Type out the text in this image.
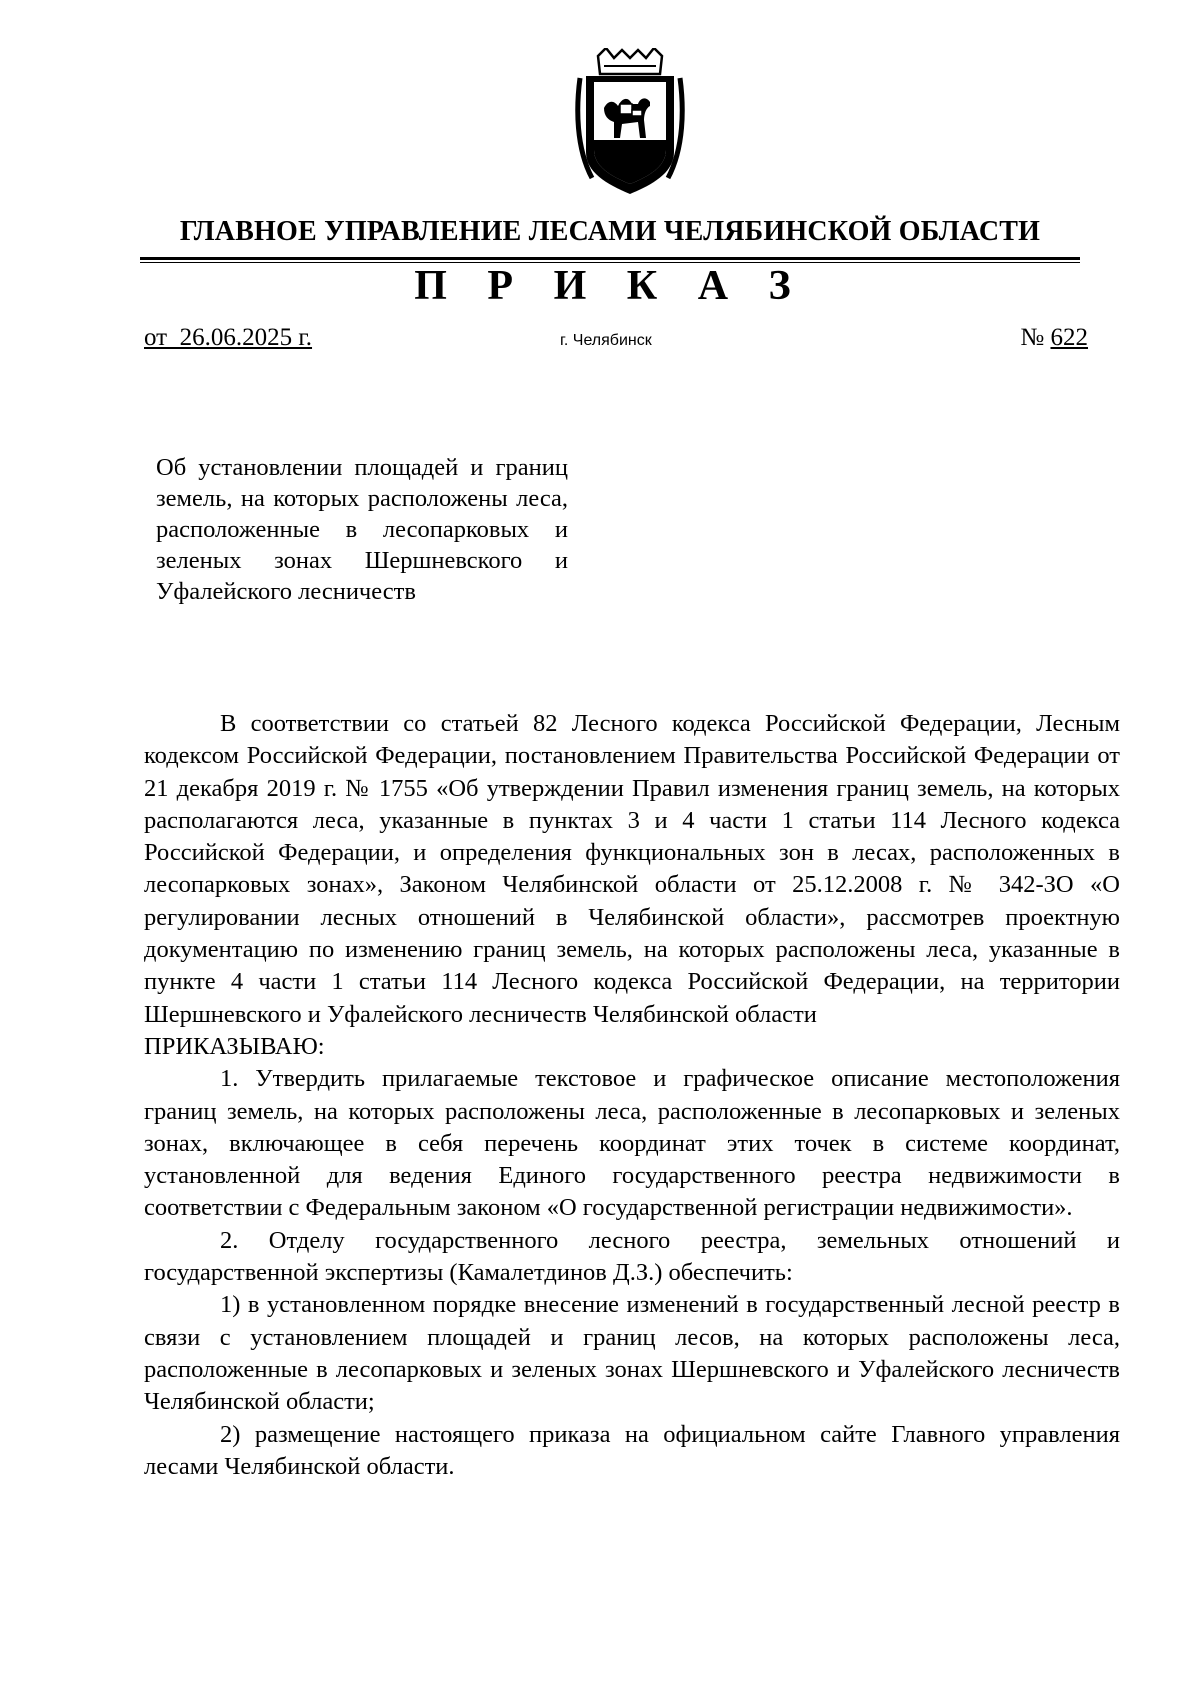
ГЛАВНОЕ УПРАВЛЕНИЕ ЛЕСАМИ ЧЕЛЯБИНСКОЙ ОБЛАСТИ
П Р И К А З
от  26.06.2025 г.	г. Челябинск	№ 622
Об установлении площадей и границ земель, на которых расположены леса, расположенные в лесопарковых и зеленых зонах Шершневского и Уфалейского лесничеств

В соответствии со статьей 82 Лесного кодекса Российской Федерации, Лесным кодексом Российской Федерации, постановлением Правительства Российской Федерации от 21 декабря 2019 г. № 1755 «Об утверждении Правил изменения границ земель, на которых располагаются леса, указанные в пунктах 3 и 4 части 1 статьи 114 Лесного кодекса Российской Федерации, и определения функциональных зон в лесах, расположенных в лесопарковых зонах», Законом Челябинской области от 25.12.2008 г. № 342-ЗО «О регулировании лесных отношений в Челябинской области», рассмотрев проектную документацию по изменению границ земель, на которых расположены леса, указанные в пункте 4 части 1 статьи 114 Лесного кодекса Российской Федерации, на территории Шершневского и Уфалейского лесничеств Челябинской области

ПРИКАЗЫВАЮ:

1. Утвердить прилагаемые текстовое и графическое описание местоположения границ земель, на которых расположены леса, расположенные в лесопарковых и зеленых зонах, включающее в себя перечень координат этих точек в системе координат, установленной для ведения Единого государственного реестра недвижимости в соответствии с Федеральным законом «О государственной регистрации недвижимости».

2. Отделу государственного лесного реестра, земельных отношений и государственной экспертизы (Камалетдинов Д.З.) обеспечить:

1) в установленном порядке внесение изменений в государственный лесной реестр в связи с установлением площадей и границ лесов, на которых расположены леса, расположенные в лесопарковых и зеленых зонах Шершневского и Уфалейского лесничеств Челябинской области;

2) размещение настоящего приказа на официальном сайте Главного управления лесами Челябинской области.
